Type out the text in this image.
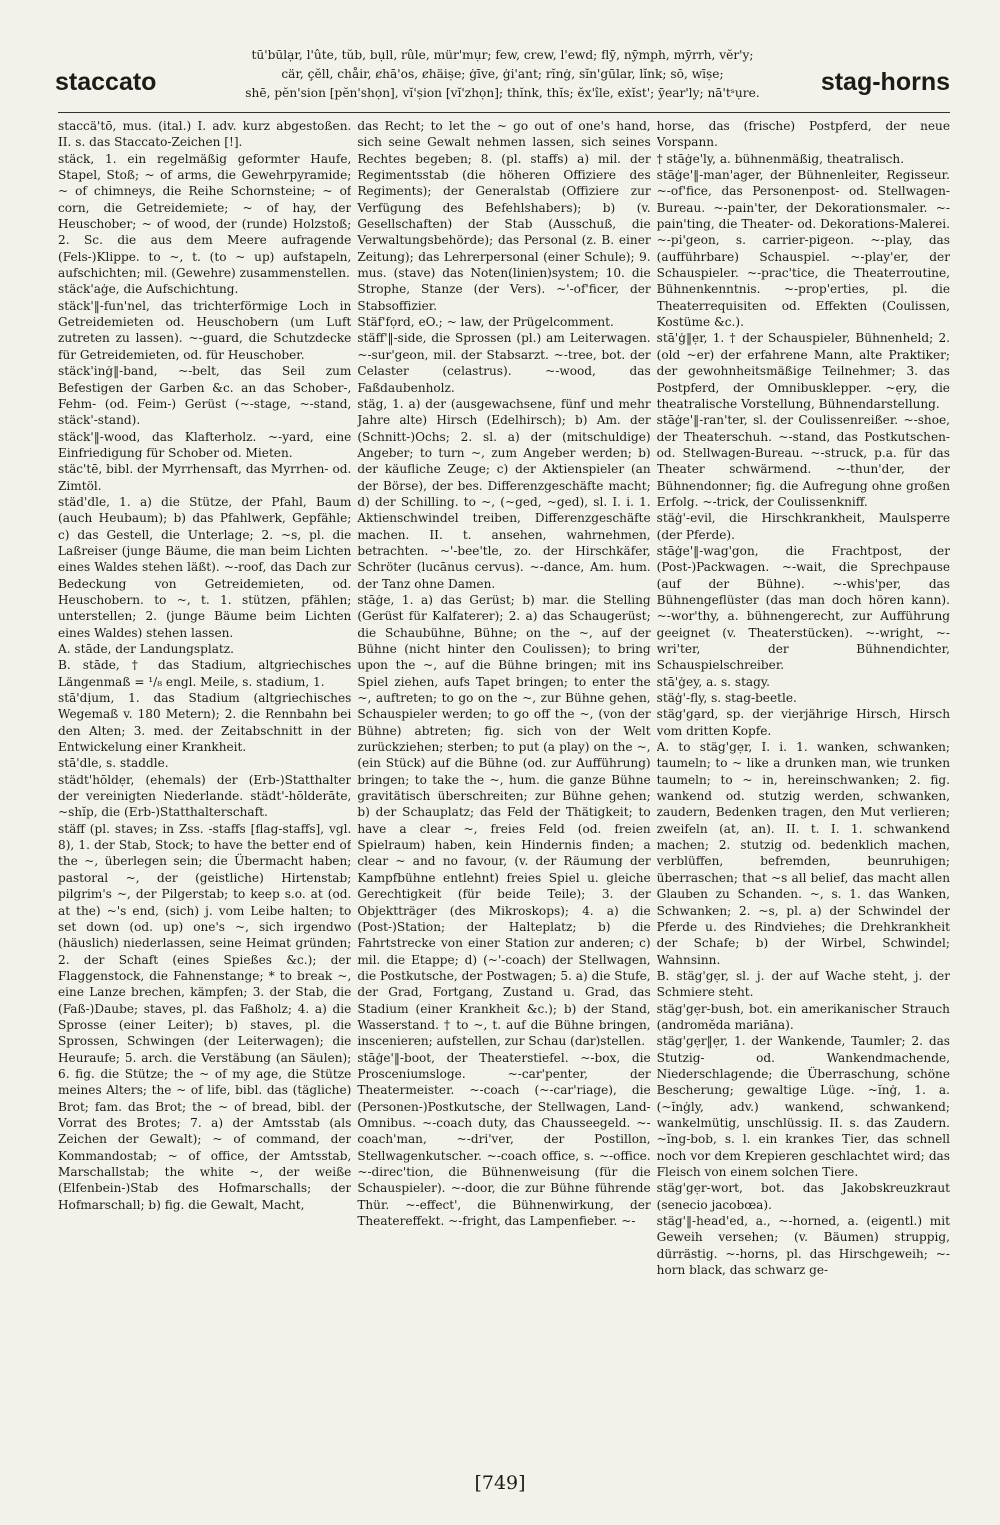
staccato
tū'būlạr, l'ûte, tŭb, bụll, rûle, mür'mụr; few, crew, l'ewd; flȳ, nȳmph, mȳrrh, vĕr'y;
cär, çĕll, chåir, ȼhā'os, ȼhäiṣe; ġīve, ġi'ant; rĭnġ, sĭn'gūlar, lĭnk; sō, wīṣe;
shē, pĕn'sion [pĕn'shọn], vĭ'ṣion [vĭ'zhọn]; thĭnk, thĭs; ĕx'île, eẋĭst'; ȳear'ly; nā'tˢụre.	stag-horns

staccä'tō, mus. (ital.) I. adv. kurz abgestoßen. II. s. das Staccato-Zeichen [!].

stäck, 1. ein regelmäßig geformter Haufe, Stapel, Stoß; ~ of arms, die Gewehrpyramide; ~ of chimneys, die Reihe Schornsteine; ~ of corn, die Getreidemiete; ~ of hay, der Heuschober; ~ of wood, der (runde) Holzstoß; 2. Sc. die aus dem Meere aufragende (Fels-)Klippe. to ~, t. (to ~ up) aufstapeln, aufschichten; mil. (Gewehre) zusammenstellen.

stäck'aġe, die Aufschichtung.

stäck'‖-fun'nel, das trichterförmige Loch in Getreidemieten od. Heuschobern (um Luft zutreten zu lassen). ~-guard, die Schutzdecke für Getreidemieten, od. für Heuschober.

stäck'inġ‖-band, ~-belt, das Seil zum Befestigen der Garben &c. an das Schober-, Fehm- (od. Feim-) Gerüst (~-stage, ~-stand, stäck'-stand).

stäck'‖-wood, das Klafterholz. ~-yard, eine Einfriedigung für Schober od. Mieten.

stäc'tē, bibl. der Myrrhensaft, das Myrrhen- od. Zimtöl.

städ'dle, 1. a) die Stütze, der Pfahl, Baum (auch Heubaum); b) das Pfahlwerk, Gepfähle; c) das Gestell, die Unterlage; 2. ~s, pl. die Laßreiser (junge Bäume, die man beim Lichten eines Waldes stehen läßt). ~-roof, das Dach zur Bedeckung von Getreidemieten, od. Heuschobern. to ~, t. 1. stützen, pfählen; unterstellen; 2. (junge Bäume beim Lichten eines Waldes) stehen lassen.

A. stāde, der Landungsplatz.

B. stāde, † das Stadium, altgriechisches Längenmaß = ¹/₈ engl. Meile, s. stadium, 1.

stā'dịum, 1. das Stadium (altgriechisches Wegemaß v. 180 Metern); 2. die Rennbahn bei den Alten; 3. med. der Zeitabschnitt in der Entwickelung einer Krankheit.

stā'dle, s. staddle.

städt'hōldẹr, (ehemals) der (Erb-)Statthalter der vereinigten Niederlande. städt'-hōlderāte, ~shĭp, die (Erb-)Statthalterschaft.

stäff (pl. staves; in Zss. -staffs [flag-staffs], vgl. 8), 1. der Stab, Stock; to have the better end of the ~, überlegen sein; die Übermacht haben; pastoral ~, der (geistliche) Hirtenstab; pilgrim's ~, der Pilgerstab; to keep s.o. at (od. at the) ~'s end, (sich) j. vom Leibe halten; to set down (od. up) one's ~, sich irgendwo (häuslich) niederlassen, seine Heimat gründen; 2. der Schaft (eines Spießes &c.); der Flaggenstock, die Fahnenstange; * to break ~, eine Lanze brechen, kämpfen; 3. der Stab, die (Faß-)Daube; staves, pl. das Faßholz; 4. a) die Sprosse (einer Leiter); b) staves, pl. die Sprossen, Schwingen (der Leiterwagen); die Heuraufe; 5. arch. die Verstäbung (an Säulen); 6. fig. die Stütze; the ~ of my age, die Stütze meines Alters; the ~ of life, bibl. das (tägliche) Brot; fam. das Brot; the ~ of bread, bibl. der Vorrat des Brotes; 7. a) der Amtsstab (als Zeichen der Gewalt); ~ of command, der Kommandostab; ~ of office, der Amtsstab, Marschallstab; the white ~, der weiße (Elfenbein-)Stab des Hofmarschalls; der Hofmarschall; b) fig. die Gewalt, Macht,

das Recht; to let the ~ go out of one's hand, sich seine Gewalt nehmen lassen, sich seines Rechtes begeben; 8. (pl. staffs) a) mil. der Regimentsstab (die höheren Offiziere des Regiments); der Generalstab (Offiziere zur Verfügung des Befehlshabers); b) (v. Gesellschaften) der Stab (Ausschuß, die Verwaltungsbehörde); das Personal (z. B. einer Zeitung); das Lehrerpersonal (einer Schule); 9. mus. (stave) das Noten(linien)system; 10. die Strophe, Stanze (der Vers). ~'-of'ficer, der Stabsoffizier.

Stäf'fọrd, eO.; ~ law, der Prügelcomment.

stäff'‖-side, die Sprossen (pl.) am Leiterwagen. ~-sur'geon, mil. der Stabsarzt. ~-tree, bot. der Celaster (celastrus). ~-wood, das Faßdaubenholz.

stäg, 1. a) der (ausgewachsene, fünf und mehr Jahre alte) Hirsch (Edelhirsch); b) Am. der (Schnitt-)Ochs; 2. sl. a) der (mitschuldige) Angeber; to turn ~, zum Angeber werden; b) der käufliche Zeuge; c) der Aktienspieler (an der Börse), der bes. Differenzgeschäfte macht; d) der Schilling. to ~, (~ged, ~ged), sl. I. i. 1. Aktienschwindel treiben, Differenzgeschäfte machen. II. t. ansehen, wahrnehmen, betrachten. ~'-bee'tle, zo. der Hirschkäfer, Schröter (lucānus cervus). ~-dance, Am. hum. der Tanz ohne Damen.

stāġe, 1. a) das Gerüst; b) mar. die Stelling (Gerüst für Kalfaterer); 2. a) das Schaugerüst; die Schaubühne, Bühne; on the ~, auf der Bühne (nicht hinter den Coulissen); to bring upon the ~, auf die Bühne bringen; mit ins Spiel ziehen, aufs Tapet bringen; to enter the ~, auftreten; to go on the ~, zur Bühne gehen, Schauspieler werden; to go off the ~, (von der Bühne) abtreten; fig. sich von der Welt zurückziehen; sterben; to put (a play) on the ~, (ein Stück) auf die Bühne (od. zur Aufführung) bringen; to take the ~, hum. die ganze Bühne gravitätisch überschreiten; zur Bühne gehen; b) der Schauplatz; das Feld der Thätigkeit; to have a clear ~, freies Feld (od. freien Spielraum) haben, kein Hindernis finden; a clear ~ and no favour, (v. der Räumung der Kampfbühne entlehnt) freies Spiel u. gleiche Gerechtigkeit (für beide Teile); 3. der Objektträger (des Mikroskops); 4. a) die (Post-)Station; der Halteplatz; b) die Fahrtstrecke von einer Station zur anderen; c) mil. die Etappe; d) (~'-coach) der Stellwagen, die Postkutsche, der Postwagen; 5. a) die Stufe, der Grad, Fortgang, Zustand u. Grad, das Stadium (einer Krankheit &c.); b) der Stand, Wasserstand. † to ~, t. auf die Bühne bringen, inscenieren; aufstellen, zur Schau (dar)stellen.

stāġe'‖-boot, der Theaterstiefel. ~-box, die Prosceniumsloge. ~-car'penter, der Theatermeister. ~-coach (~-car'riage), die (Personen-)Postkutsche, der Stellwagen, Land-Omnibus. ~-coach duty, das Chausseegeld. ~-coach'man, ~-dri'ver, der Postillon, Stellwagenkutscher. ~-coach office, s. ~-office. ~-direc'tion, die Bühnenweisung (für die Schauspieler). ~-door, die zur Bühne führende Thür. ~-effect', die Bühnenwirkung, der Theatereffekt. ~-fright, das Lampenfieber. ~-

horse, das (frische) Postpferd, der neue Vorspann.

† stāġe'ly, a. bühnenmäßig, theatralisch.

stāġe'‖-man'ager, der Bühnenleiter, Regisseur. ~-of'fice, das Personenpost- od. Stellwagen-Bureau. ~-pain'ter, der Dekorationsmaler. ~-pain'ting, die Theater- od. Dekorations-Malerei. ~-pi'geon, s. carrier-pigeon. ~-play, das (aufführbare) Schauspiel. ~-play'er, der Schauspieler. ~-prac'tice, die Theaterroutine, Bühnenkenntnis. ~-prop'erties, pl. die Theaterrequisiten od. Effekten (Coulissen, Kostüme &c.).

stā'ġ‖ẹr, 1. † der Schauspieler, Bühnenheld; 2. (old ~er) der erfahrene Mann, alte Praktiker; der gewohnheitsmäßige Teilnehmer; 3. das Postpferd, der Omnibusklepper. ~ẹry, die theatralische Vorstellung, Bühnendarstellung.

stāġe'‖-ran'ter, sl. der Coulissenreißer. ~-shoe, der Theaterschuh. ~-stand, das Postkutschen- od. Stellwagen-Bureau. ~-struck, p.a. für das Theater schwärmend. ~-thun'der, der Bühnendonner; fig. die Aufregung ohne großen Erfolg. ~-trick, der Coulissenkniff.

stäġ'-evil, die Hirschkrankheit, Maulsperre (der Pferde).

stāġe'‖-wag'gon, die Frachtpost, der (Post-)Packwagen. ~-wait, die Sprechpause (auf der Bühne). ~-whis'per, das Bühnengeflüster (das man doch hören kann). ~-wor'thy, a. bühnengerecht, zur Aufführung geeignet (v. Theaterstücken). ~-wright, ~-wri'ter, der Bühnendichter, Schauspielschreiber.

stā'ġey, a. s. stagy.

stäġ'-fly, s. stag-beetle.

stäg'gạrd, sp. der vierjährige Hirsch, Hirsch vom dritten Kopfe.

A. to stäg'gẹr, I. i. 1. wanken, schwanken; taumeln; to ~ like a drunken man, wie trunken taumeln; to ~ in, hereinschwanken; 2. fig. wankend od. stutzig werden, schwanken, zaudern, Bedenken tragen, den Mut verlieren; zweifeln (at, an). II. t. I. 1. schwankend machen; 2. stutzig od. bedenklich machen, verblüffen, befremden, beunruhigen; überraschen; that ~s all belief, das macht allen Glauben zu Schanden. ~, s. 1. das Wanken, Schwanken; 2. ~s, pl. a) der Schwindel der Pferde u. des Rindviehes; die Drehkrankheit der Schafe; b) der Wirbel, Schwindel; Wahnsinn.

B. stäg'gẹr, sl. j. der auf Wache steht, j. der Schmiere steht.

stäg'gẹr-bush, bot. ein amerikanischer Strauch (andromĕda mariāna).

stäg'gẹr‖ẹr, 1. der Wankende, Taumler; 2. das Stutzig- od. Wankendmachende, Niederschlagende; die Überraschung, schöne Bescherung; gewaltige Lüge. ~ĭnġ, 1. a. (~ĭnġly, adv.) wankend, schwankend; wankelmütig, unschlüssig. II. s. das Zaudern. ~ĭng-bob, s. l. ein krankes Tier, das schnell noch vor dem Krepieren geschlachtet wird; das Fleisch von einem solchen Tiere.

stäg'gẹr-wort, bot. das Jakobskreuzkraut (senecio jacobœa).

stäg'‖-head'ed, a., ~-horned, a. (eigentl.) mit Geweih versehen; (v. Bäumen) struppig, dürrästig. ~-horns, pl. das Hirschgeweih; ~-horn black, das schwarz ge-

[749]
